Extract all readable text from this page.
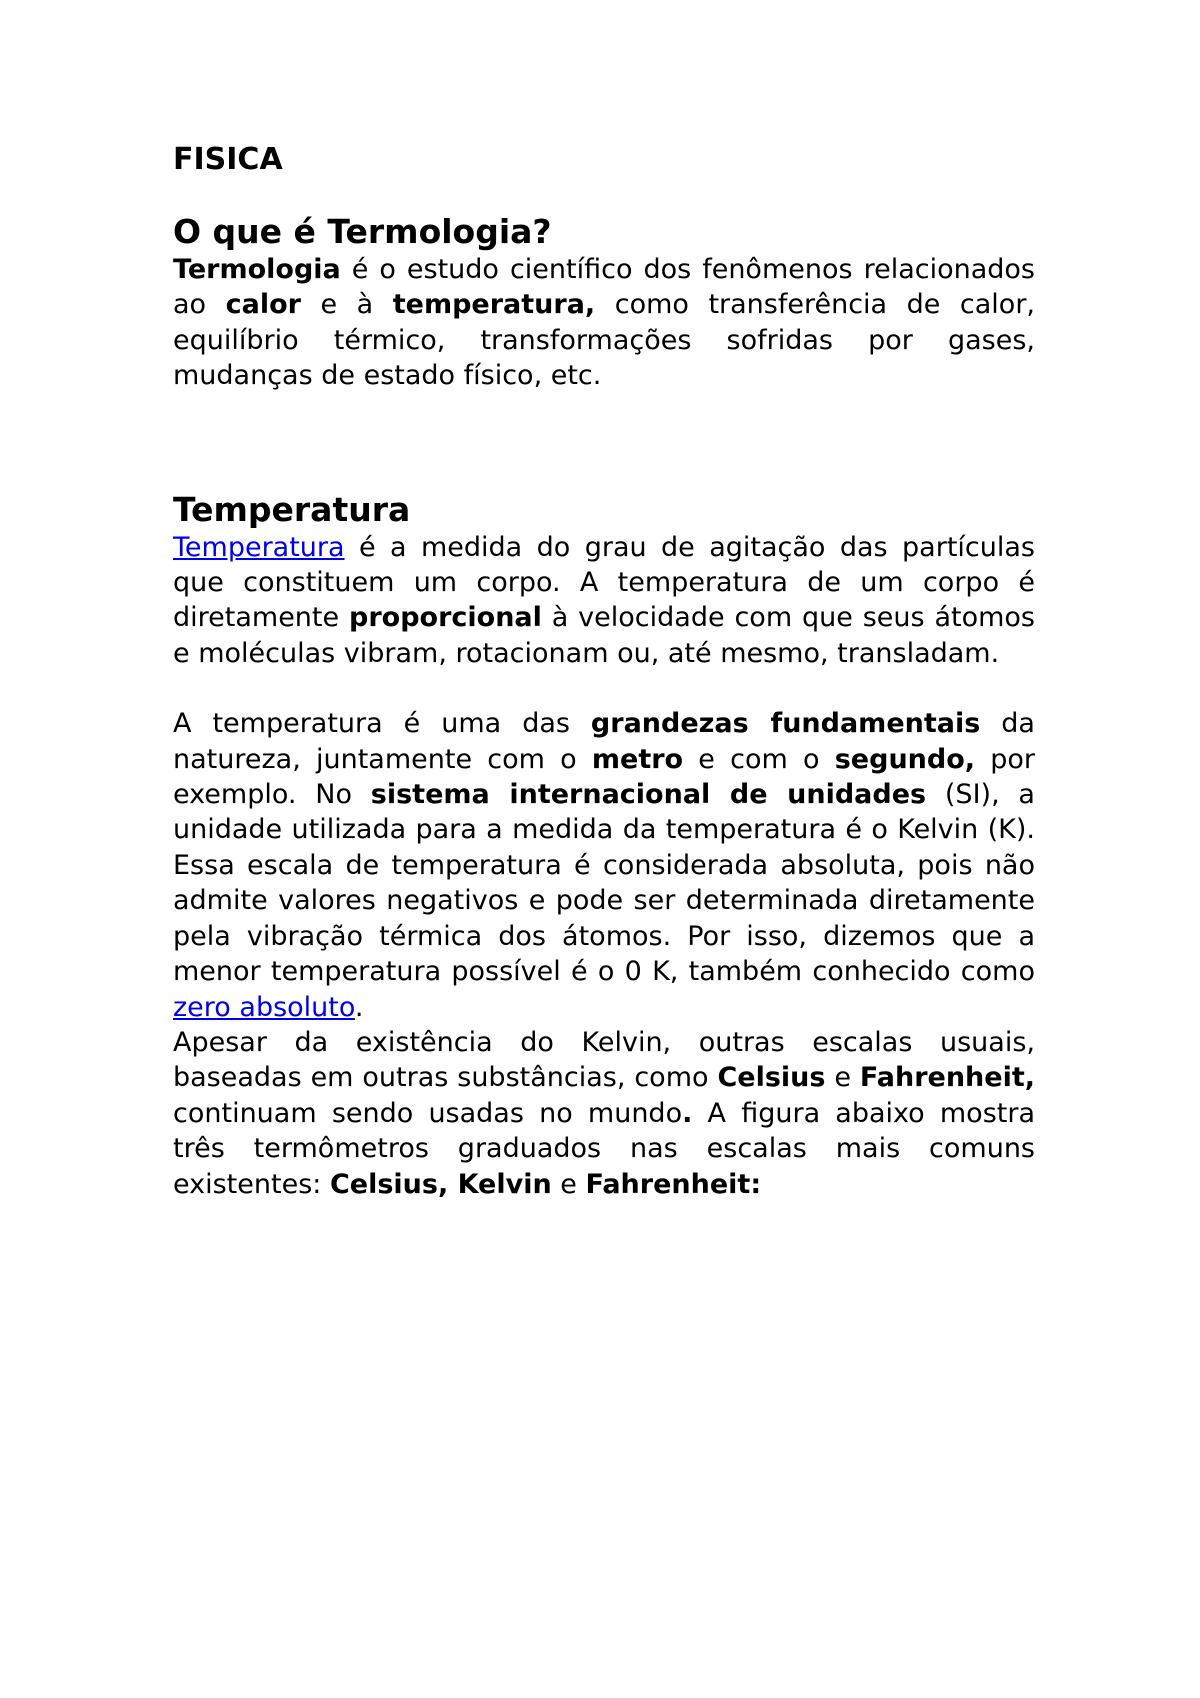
FISICA

O que é Termologia?

Termologia é o estudo científico dos fenômenos relacionados ao calor e à temperatura, como transferência de calor, equilíbrio térmico, transformações sofridas por gases, mudanças de estado físico, etc.

Temperatura

Temperatura é a medida do grau de agitação das partículas que constituem um corpo. A temperatura de um corpo é diretamente proporcional à velocidade com que seus átomos e moléculas vibram, rotacionam ou, até mesmo, transladam.

A temperatura é uma das grandezas fundamentais da natureza, juntamente com o metro e com o segundo, por exemplo. No sistema internacional de unidades (SI), a unidade utilizada para a medida da temperatura é o Kelvin (K). Essa escala de temperatura é considerada absoluta, pois não admite valores negativos e pode ser determinada diretamente pela vibração térmica dos átomos. Por isso, dizemos que a menor temperatura possível é o 0 K, também conhecido como zero absoluto.

Apesar da existência do Kelvin, outras escalas usuais, baseadas em outras substâncias, como Celsius e Fahrenheit, continuam sendo usadas no mundo. A figura abaixo mostra três termômetros graduados nas escalas mais comuns existentes: Celsius, Kelvin e Fahrenheit:
